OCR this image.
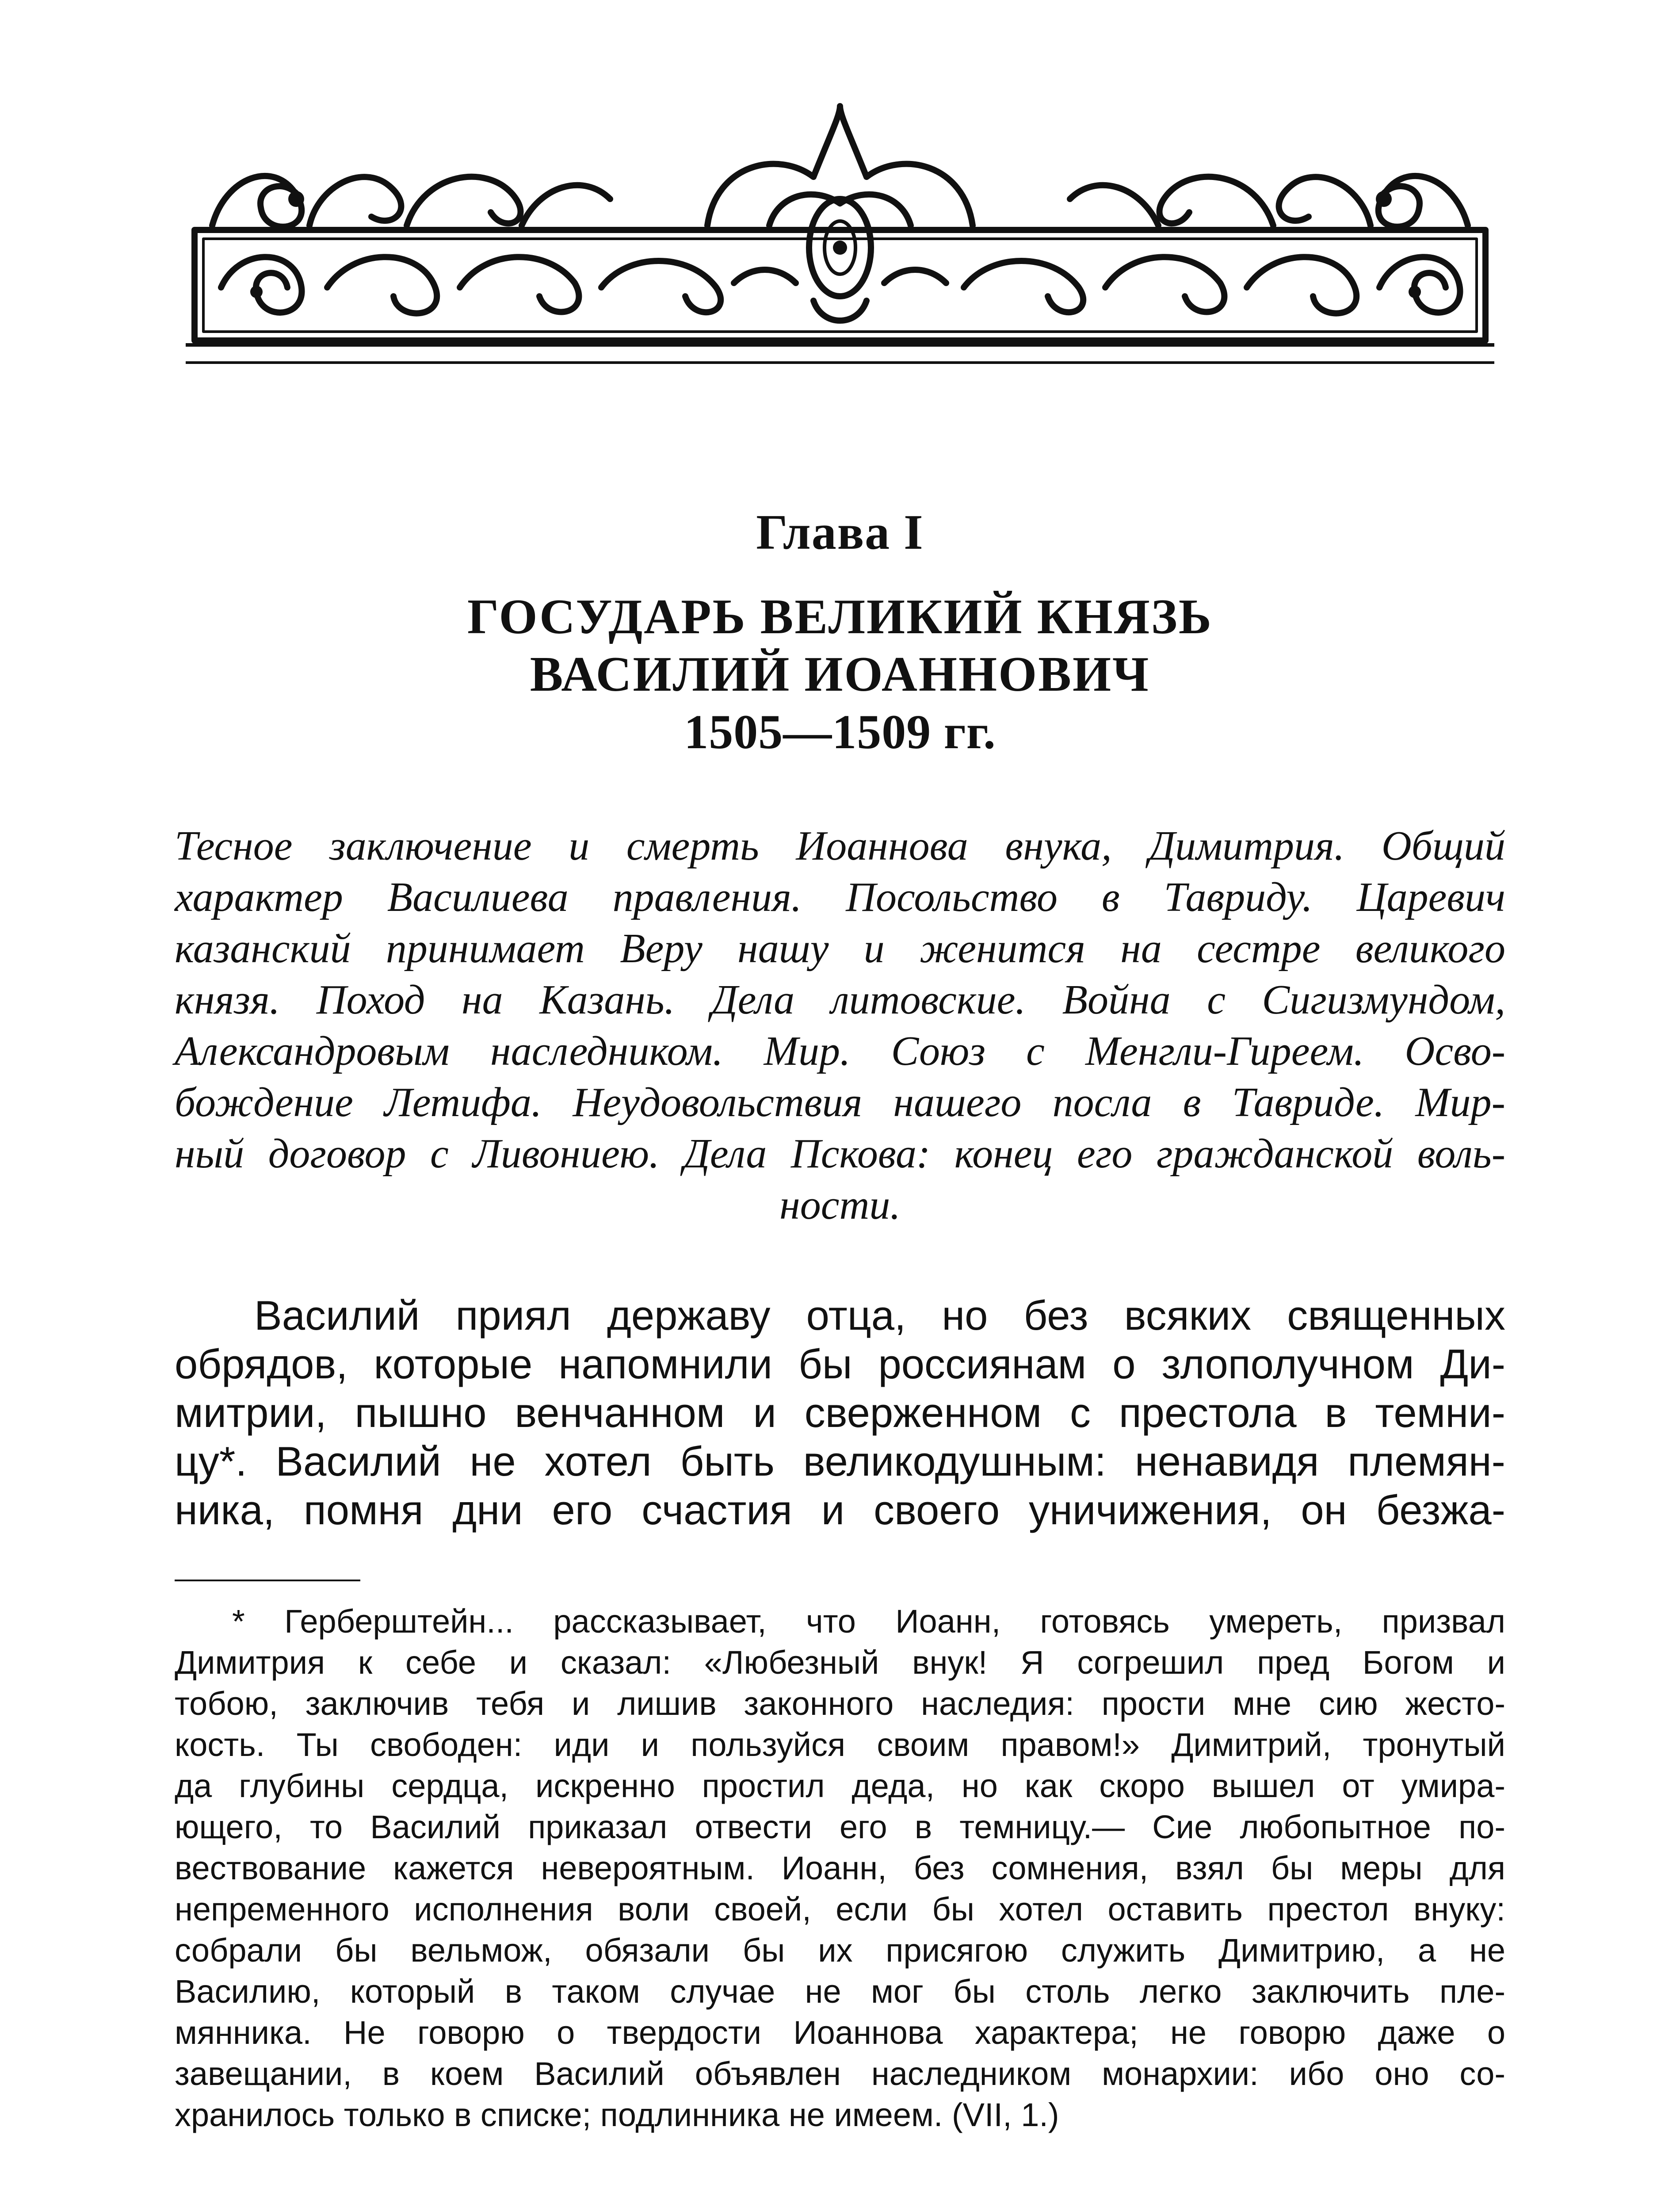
Глава I
ГОСУДАРЬ ВЕЛИКИЙ КНЯЗЬ
ВАСИЛИЙ ИОАННОВИЧ
1505—1509 гг.
Тесное заключение и смерть Иоаннова внука, Димитрия. Общий
характер Василиева правления. Посольство в Тавриду. Царевич
казанский принимает Веру нашу и женится на сестре великого
князя. Поход на Казань. Дела литовские. Война с Сигизмундом,
Александровым наследником. Мир. Союз с Менгли-Гиреем. Осво-
бождение Летифа. Неудовольствия нашего посла в Тавриде. Мир-
ный договор с Ливониею. Дела Пскова: конец его гражданской воль-
ности.
Василий приял державу отца, но без всяких священных
обрядов, которые напомнили бы россиянам о злополучном Ди-
митрии, пышно венчанном и сверженном с престола в темни-
цу*. Василий не хотел быть великодушным: ненавидя племян-
ника, помня дни его счастия и своего уничижения, он безжа-
* Герберштейн... рассказывает, что Иоанн, готовясь умереть, призвал
Димитрия к себе и сказал: «Любезный внук! Я согрешил пред Богом и
тобою, заключив тебя и лишив законного наследия: прости мне сию жесто-
кость. Ты свободен: иди и пользуйся своим правом!» Димитрий, тронутый
да глубины сердца, искренно простил деда, но как скоро вышел от умира-
ющего, то Василий приказал отвести его в темницу.— Сие любопытное по-
вествование кажется невероятным. Иоанн, без сомнения, взял бы меры для
непременного исполнения воли своей, если бы хотел оставить престол внуку:
собрали бы вельмож, обязали бы их присягою служить Димитрию, а не
Василию, который в таком случае не мог бы столь легко заключить пле-
мянника. Не говорю о твердости Иоаннова характера; не говорю даже о
завещании, в коем Василий объявлен наследником монархии: ибо оно со-
хранилось только в списке; подлинника не имеем. (VII, 1.)
